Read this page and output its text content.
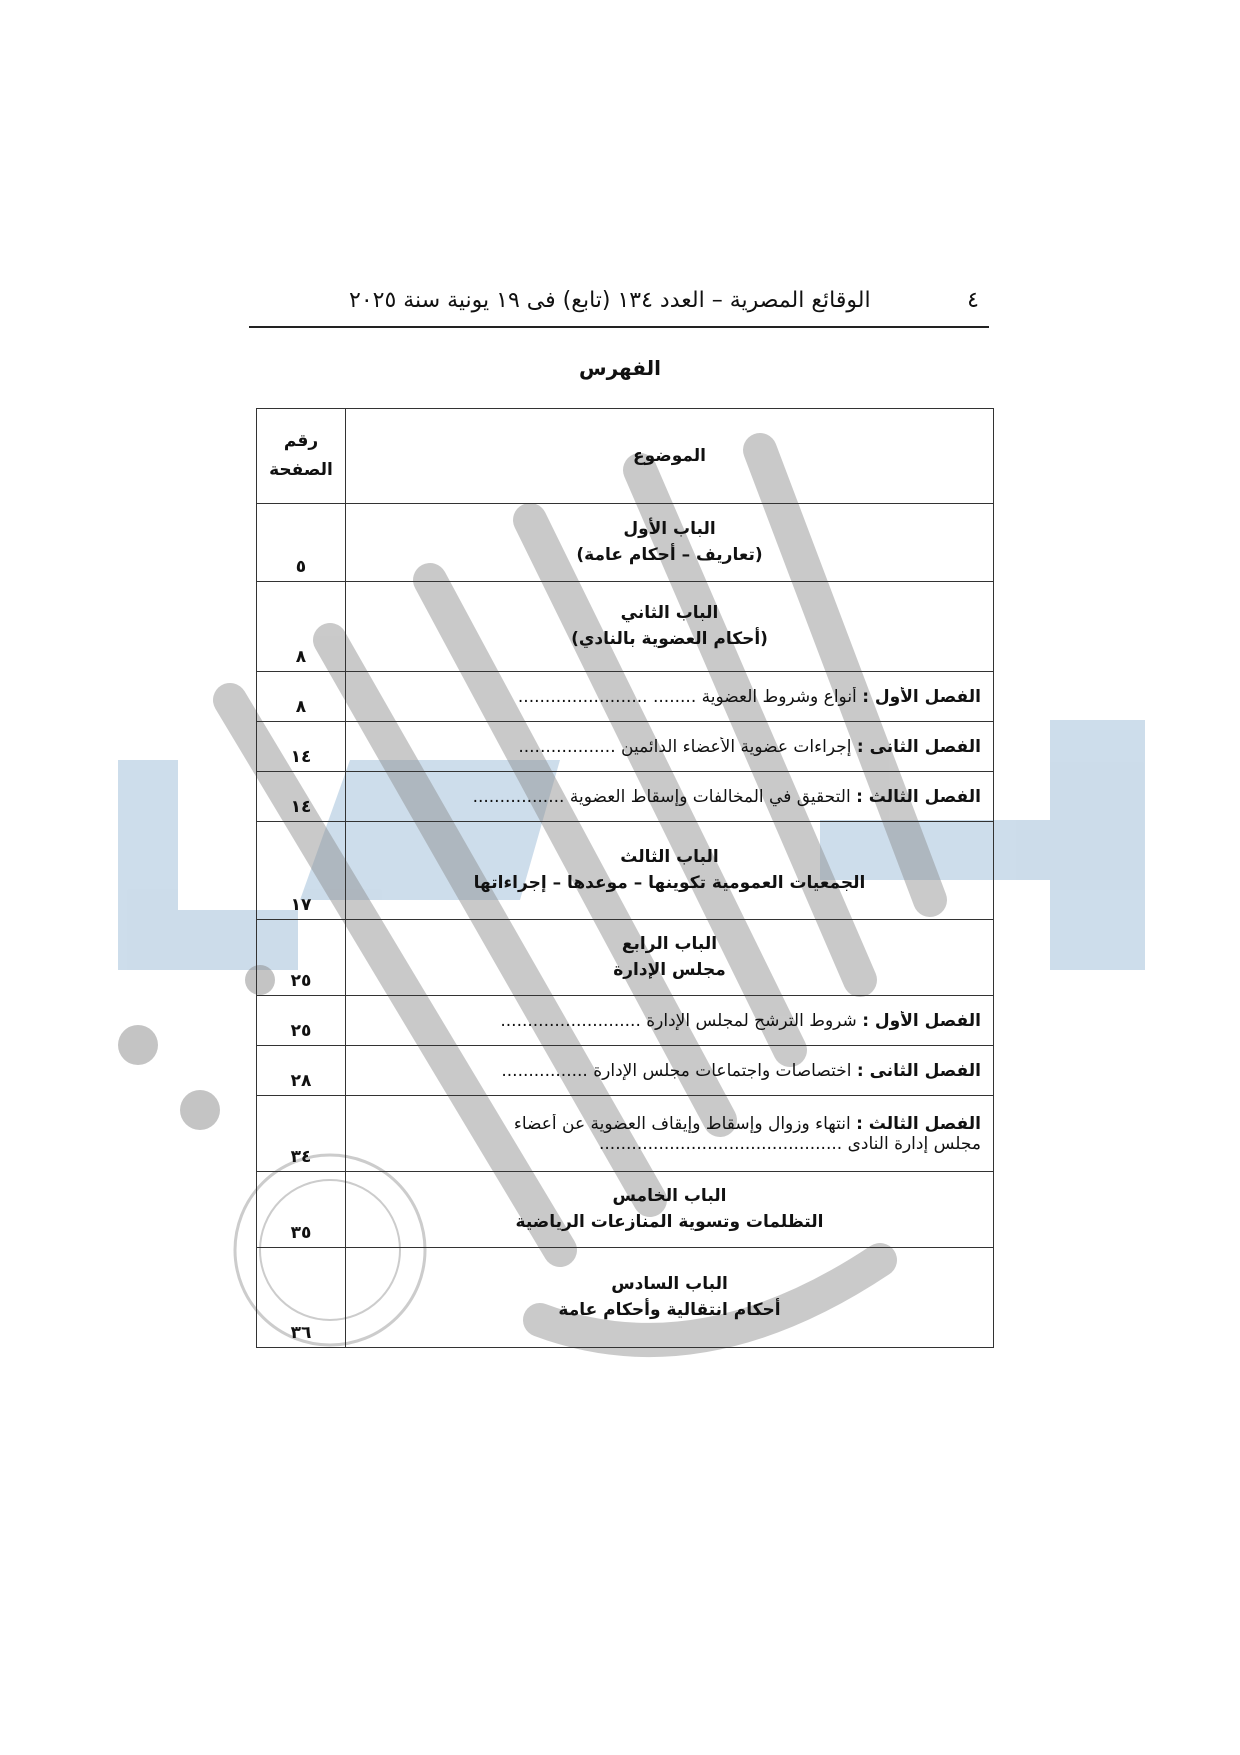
٤
الوقائع المصرية – العدد ١٣٤ (تابع) فى ١٩ يونية سنة ٢٠٢٥
الفهرس
الموضوع	رقم
الصفحة

الباب الأول
(تعاريف – أحكام عامة)	٥

الباب الثاني
(أحكام العضوية بالنادي)	٨

الفصل الأول : أنواع وشروط العضوية ........ ........................	٨

الفصل الثانى : إجراءات عضوية الأعضاء الدائمين ..................	١٤

الفصل الثالث : التحقيق في المخالفات وإسقاط العضوية .................	١٤

الباب الثالث
الجمعيات العمومية تكوينها – موعدها – إجراءاتها	١٧

الباب الرابع
مجلس الإدارة	٢٥

الفصل الأول : شروط الترشح لمجلس الإدارة ..........................	٢٥

الفصل الثانى : اختصاصات واجتماعات مجلس الإدارة ................	٢٨

الفصل الثالث : انتهاء وزوال وإسقاط وإيقاف العضوية عن أعضاء
مجلس إدارة النادى .............................................	٣٤

الباب الخامس
التظلمات وتسوية المنازعات الرياضية	٣٥

الباب السادس
أحكام انتقالية وأحكام عامة	٣٦
